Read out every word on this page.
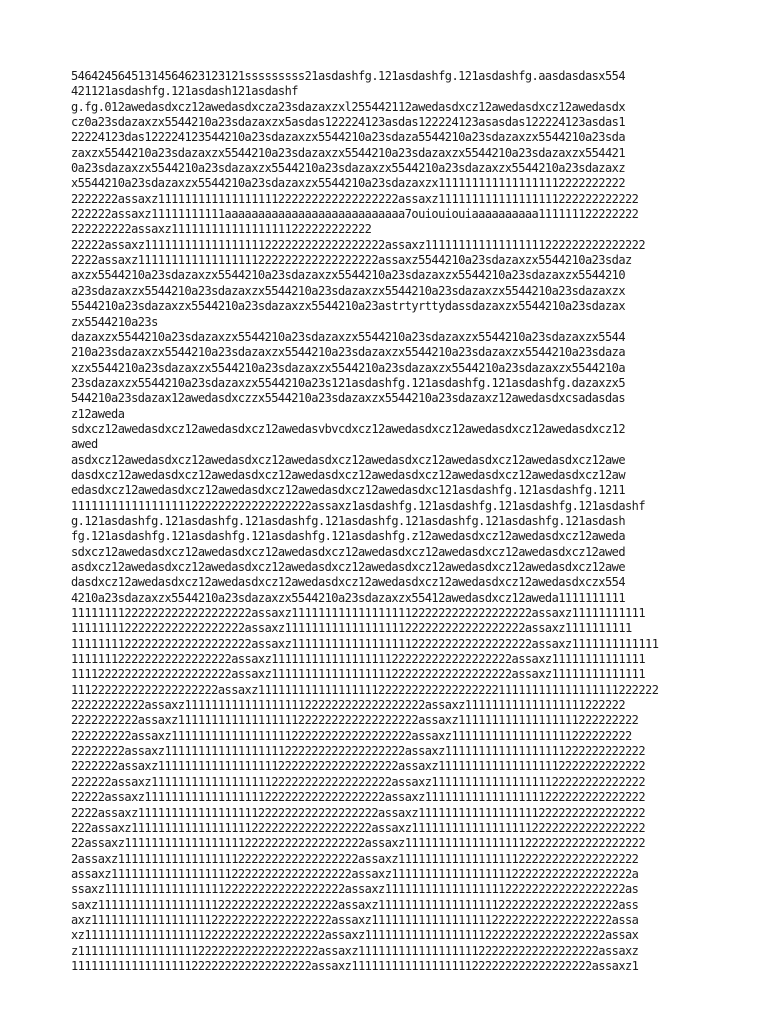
54642456451314564623123121sssssssss21asdashfg.121asdashfg.121asdashfg.aasdasdasx554
421121asdashfg.121asdash121asdashf
g.fg.012awedasdxcz12awedasdxcza23sdazaxzxl255442112awedasdxcz12awedasdxcz12awedasdx
cz0a23sdazaxzx5544210a23sdazaxzx5asdas122224123asdas122224123asasdas122224123asdas1
22224123das122224123544210a23sdazaxzx5544210a23sdaza5544210a23sdazaxzx5544210a23sda
zaxzx5544210a23sdazaxzx5544210a23sdazaxzx5544210a23sdazaxzx5544210a23sdazaxzx554421
0a23sdazaxzx5544210a23sdazaxzx5544210a23sdazaxzx5544210a23sdazaxzx5544210a23sdazaxz
x5544210a23sdazaxzx5544210a23sdazaxzx5544210a23sdazaxzx1111111111111111112222222222
2222222assaxz111111111111111111222222222222222222assaxz111111111111111111222222222222
222222assaxz11111111111aaaaaaaaaaaaaaaaaaaaaaaaaaa7ouiouiouiaaaaaaaaaa111111122222222
222222222assaxz111111111111111111222222222222
22222assaxz111111111111111111222222222222222222assaxz111111111111111111222222222222222
2222assaxz111111111111111111222222222222222222assaxz5544210a23sdazaxzx5544210a23sdaz
axzx5544210a23sdazaxzx5544210a23sdazaxzx5544210a23sdazaxzx5544210a23sdazaxzx5544210
a23sdazaxzx5544210a23sdazaxzx5544210a23sdazaxzx5544210a23sdazaxzx5544210a23sdazaxzx
5544210a23sdazaxzx5544210a23sdazaxzx5544210a23astrtyrttydassdazaxzx5544210a23sdazax
zx5544210a23s
dazaxzx5544210a23sdazaxzx5544210a23sdazaxzx5544210a23sdazaxzx5544210a23sdazaxzx5544
210a23sdazaxzx5544210a23sdazaxzx5544210a23sdazaxzx5544210a23sdazaxzx5544210a23sdaza
xzx5544210a23sdazaxzx5544210a23sdazaxzx5544210a23sdazaxzx5544210a23sdazaxzx5544210a
23sdazaxzx5544210a23sdazaxzx5544210a23s121asdashfg.121asdashfg.121asdashfg.dazaxzx5
544210a23sdazax12awedasdxczzx5544210a23sdazaxzx5544210a23sdazaxz12awedasdxcsadasdas
z12aweda
sdxcz12awedasdxcz12awedasdxcz12awedasvbvcdxcz12awedasdxcz12awedasdxcz12awedasdxcz12
awed
asdxcz12awedasdxcz12awedasdxcz12awedasdxcz12awedasdxcz12awedasdxcz12awedasdxcz12awe
dasdxcz12awedasdxcz12awedasdxcz12awedasdxcz12awedasdxcz12awedasdxcz12awedasdxcz12aw
edasdxcz12awedasdxcz12awedasdxcz12awedasdxcz12awedasdxc121asdashfg.121asdashfg.1211
111111111111111111222222222222222222assaxz1asdashfg.121asdashfg.121asdashfg.121asdashf
g.121asdashfg.121asdashfg.121asdashfg.121asdashfg.121asdashfg.121asdashfg.121asdash
fg.121asdashfg.121asdashfg.121asdashfg.121asdashfg.z12awedasdxcz12awedasdxcz12aweda
sdxcz12awedasdxcz12awedasdxcz12awedasdxcz12awedasdxcz12awedasdxcz12awedasdxcz12awed
asdxcz12awedasdxcz12awedasdxcz12awedasdxcz12awedasdxcz12awedasdxcz12awedasdxcz12awe
dasdxcz12awedasdxcz12awedasdxcz12awedasdxcz12awedasdxcz12awedasdxcz12awedasdxczx554
4210a23sdazaxzx5544210a23sdazaxzx5544210a23sdazaxzx55412awedasdxcz12aweda1111111111
111111112222222222222222222assaxz111111111111111111222222222222222222assaxz11111111111
11111111222222222222222222assaxz111111111111111111222222222222222222assaxz1111111111
111111112222222222222222222assaxz111111111111111111222222222222222222assaxz1111111111111
111111122222222222222222assaxz111111111111111111222222222222222222assaxz11111111111111
111122222222222222222222assaxz111111111111111111222222222222222222assaxz11111111111111
1112222222222222222222assaxz111111111111111111222222222222222222111111111111111111222222
22222222222assaxz111111111111111111222222222222222222assaxz111111111111111111222222
2222222222assaxz111111111111111111222222222222222222assaxz111111111111111111222222222
222222222assaxz111111111111111111222222222222222222assaxz111111111111111111222222222
22222222assaxz111111111111111111222222222222222222assaxz111111111111111111222222222222
2222222assaxz111111111111111111222222222222222222assaxz1111111111111111112222222222222
222222assaxz111111111111111111222222222222222222assaxz11111111111111111122222222222222
22222assaxz111111111111111111222222222222222222assaxz111111111111111111222222222222222
2222assaxz111111111111111111222222222222222222assaxz1111111111111111112222222222222222
222assaxz111111111111111111222222222222222222assaxz11111111111111111122222222222222222
22assaxz111111111111111111222222222222222222assaxz111111111111111111222222222222222222
2assaxz111111111111111111222222222222222222assaxz111111111111111111222222222222222222
assaxz111111111111111111222222222222222222assaxz111111111111111111222222222222222222a
ssaxz111111111111111111222222222222222222assaxz111111111111111111222222222222222222as
saxz111111111111111111222222222222222222assaxz111111111111111111222222222222222222ass
axz111111111111111111222222222222222222assaxz111111111111111111222222222222222222assa
xz111111111111111111222222222222222222assaxz111111111111111111222222222222222222assax
z111111111111111111222222222222222222assaxz111111111111111111222222222222222222assaxz
111111111111111111222222222222222222assaxz111111111111111111222222222222222222assaxz1
